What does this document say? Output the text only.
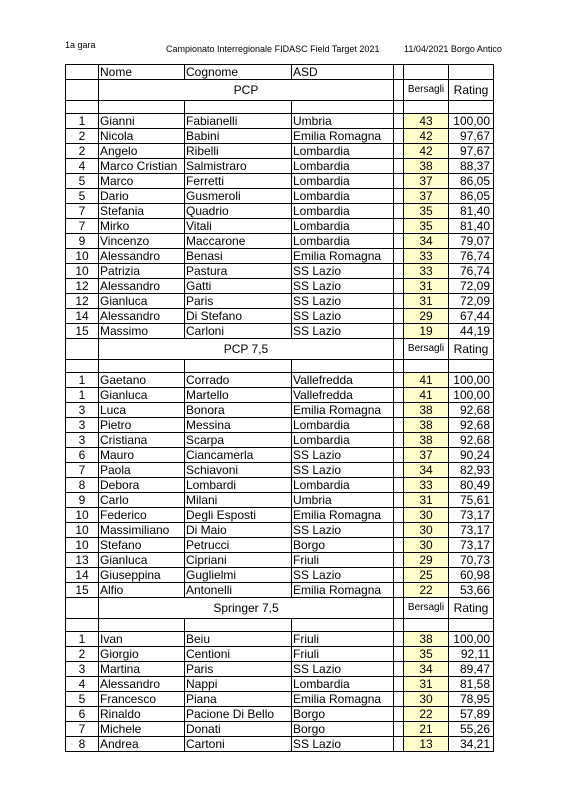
1a gara	Campionato Interregionale FIDASC Field Target 2021	11/04/2021 Borgo Antico
	Nome	Cognome	ASD			
	PCP				Bersagli	Rating

1	Gianni	Fabianelli	Umbria		43	100,00
2	Nicola	Babini	Emilia Romagna		42	97,67
2	Angelo	Ribelli	Lombardia		42	97,67
4	Marco Cristian	Salmistraro	Lombardia		38	88,37
5	Marco	Ferretti	Lombardia		37	86,05
5	Dario	Gusmeroli	Lombardia		37	86,05
7	Stefania	Quadrio	Lombardia		35	81,40
7	Mirko	Vitali	Lombardia		35	81,40
9	Vincenzo	Maccarone	Lombardia		34	79,07
10	Alessandro	Benasi	Emilia Romagna		33	76,74
10	Patrizia	Pastura	SS Lazio		33	76,74
12	Alessandro	Gatti	SS Lazio		31	72,09
12	Gianluca	Paris	SS Lazio		31	72,09
14	Alessandro	Di Stefano	SS Lazio		29	67,44
15	Massimo	Carloni	SS Lazio		19	44,19
	PCP 7,5				Bersagli	Rating

1	Gaetano	Corrado	Vallefredda		41	100,00
1	Gianluca	Martello	Vallefredda		41	100,00
3	Luca	Bonora	Emilia Romagna		38	92,68
3	Pietro	Messina	Lombardia		38	92,68
3	Cristiana	Scarpa	Lombardia		38	92,68
6	Mauro	Ciancamerla	SS Lazio		37	90,24
7	Paola	Schiavoni	SS Lazio		34	82,93
8	Debora	Lombardi	Lombardia		33	80,49
9	Carlo	Milani	Umbria		31	75,61
10	Federico	Degli Esposti	Emilia Romagna		30	73,17
10	Massimiliano	Di Maio	SS Lazio		30	73,17
10	Stefano	Petrucci	Borgo		30	73,17
13	Gianluca	Cipriani	Friuli		29	70,73
14	Giuseppina	Guglielmi	SS Lazio		25	60,98
15	Alfio	Antonelli	Emilia Romagna		22	53,66
	Springer 7,5				Bersagli	Rating

1	Ivan	Beiu	Friuli		38	100,00
2	Giorgio	Centioni	Friuli		35	92,11
3	Martina	Paris	SS Lazio		34	89,47
4	Alessandro	Nappi	Lombardia		31	81,58
5	Francesco	Piana	Emilia Romagna		30	78,95
6	Rinaldo	Pacione Di Bello	Borgo		22	57,89
7	Michele	Donati	Borgo		21	55,26
8	Andrea	Cartoni	SS Lazio		13	34,21
